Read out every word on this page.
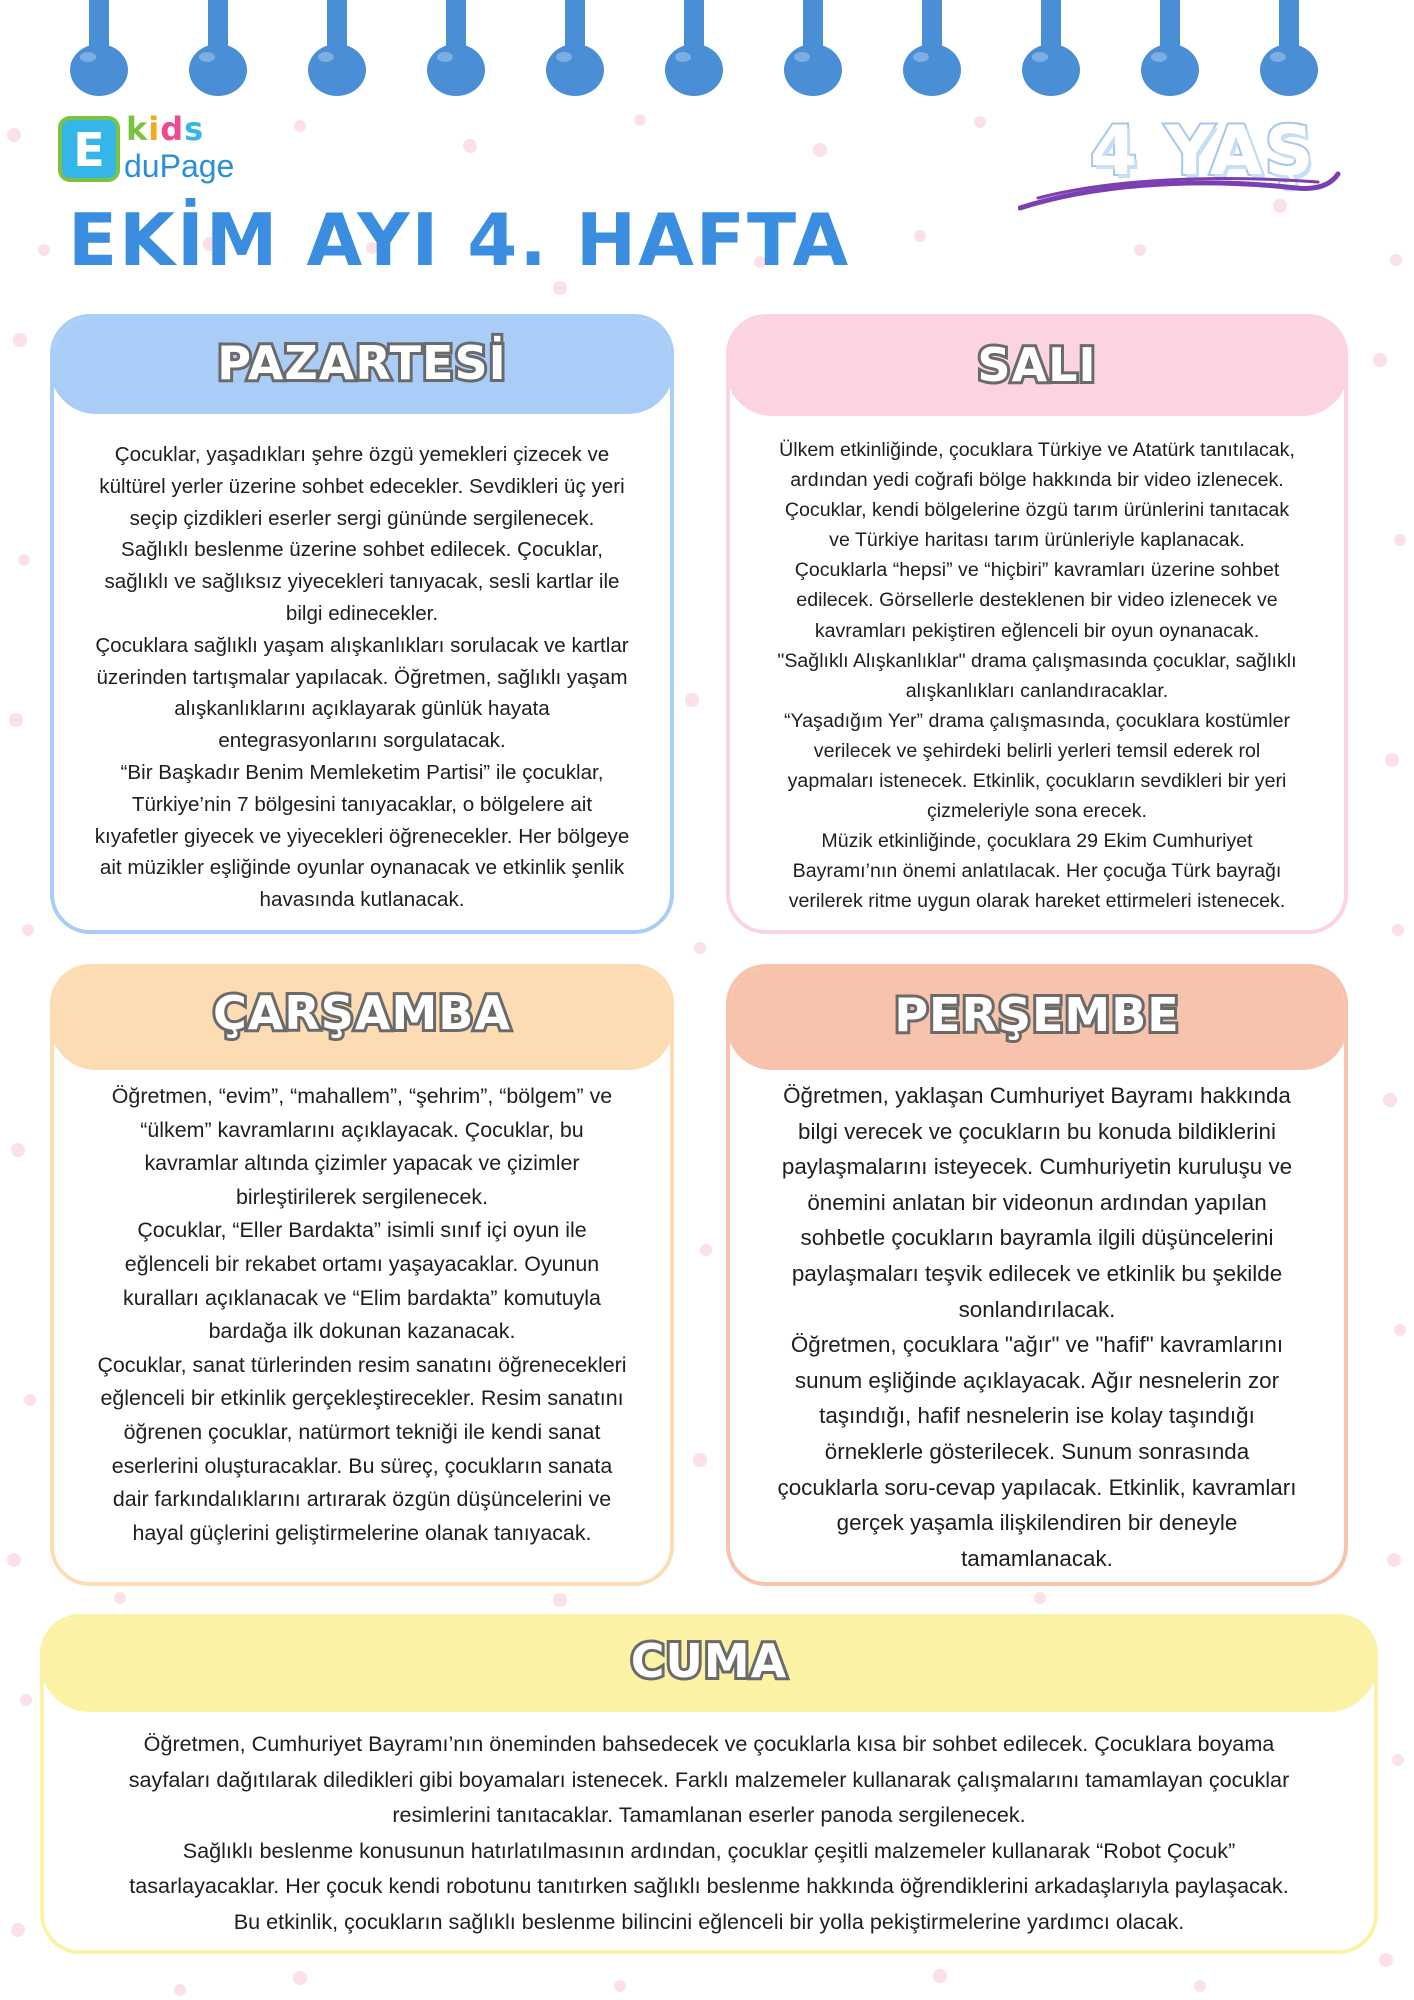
E kids
duPage	4 YAŞ
EKİM AYI 4. HAFTA
PAZARTESİ

Çocuklar, yaşadıkları şehre özgü yemekleri çizecek ve
kültürel yerler üzerine sohbet edecekler. Sevdikleri üç yeri
seçip çizdikleri eserler sergi gününde sergilenecek.
Sağlıklı beslenme üzerine sohbet edilecek. Çocuklar,
sağlıklı ve sağlıksız yiyecekleri tanıyacak, sesli kartlar ile
bilgi edinecekler.
Çocuklara sağlıklı yaşam alışkanlıkları sorulacak ve kartlar
üzerinden tartışmalar yapılacak. Öğretmen, sağlıklı yaşam
alışkanlıklarını açıklayarak günlük hayata
entegrasyonlarını sorgulatacak.
“Bir Başkadır Benim Memleketim Partisi” ile çocuklar,
Türkiye’nin 7 bölgesini tanıyacaklar, o bölgelere ait
kıyafetler giyecek ve yiyecekleri öğrenecekler. Her bölgeye
ait müzikler eşliğinde oyunlar oynanacak ve etkinlik şenlik
havasında kutlanacak.

SALI

Ülkem etkinliğinde, çocuklara Türkiye ve Atatürk tanıtılacak,
ardından yedi coğrafi bölge hakkında bir video izlenecek.
Çocuklar, kendi bölgelerine özgü tarım ürünlerini tanıtacak
ve Türkiye haritası tarım ürünleriyle kaplanacak.
Çocuklarla “hepsi” ve “hiçbiri” kavramları üzerine sohbet
edilecek. Görsellerle desteklenen bir video izlenecek ve
kavramları pekiştiren eğlenceli bir oyun oynanacak.
"Sağlıklı Alışkanlıklar" drama çalışmasında çocuklar, sağlıklı
alışkanlıkları canlandıracaklar.
“Yaşadığım Yer” drama çalışmasında, çocuklara kostümler
verilecek ve şehirdeki belirli yerleri temsil ederek rol
yapmaları istenecek. Etkinlik, çocukların sevdikleri bir yeri
çizmeleriyle sona erecek.
Müzik etkinliğinde, çocuklara 29 Ekim Cumhuriyet
Bayramı’nın önemi anlatılacak. Her çocuğa Türk bayrağı
verilerek ritme uygun olarak hareket ettirmeleri istenecek.

ÇARŞAMBA

Öğretmen, “evim”, “mahallem”, “şehrim”, “bölgem” ve
“ülkem” kavramlarını açıklayacak. Çocuklar, bu
kavramlar altında çizimler yapacak ve çizimler
birleştirilerek sergilenecek.
Çocuklar, “Eller Bardakta” isimli sınıf içi oyun ile
eğlenceli bir rekabet ortamı yaşayacaklar. Oyunun
kuralları açıklanacak ve “Elim bardakta” komutuyla
bardağa ilk dokunan kazanacak.
Çocuklar, sanat türlerinden resim sanatını öğrenecekleri
eğlenceli bir etkinlik gerçekleştirecekler. Resim sanatını
öğrenen çocuklar, natürmort tekniği ile kendi sanat
eserlerini oluşturacaklar. Bu süreç, çocukların sanata
dair farkındalıklarını artırarak özgün düşüncelerini ve
hayal güçlerini geliştirmelerine olanak tanıyacak.

PERŞEMBE

Öğretmen, yaklaşan Cumhuriyet Bayramı hakkında
bilgi verecek ve çocukların bu konuda bildiklerini
paylaşmalarını isteyecek. Cumhuriyetin kuruluşu ve
önemini anlatan bir videonun ardından yapılan
sohbetle çocukların bayramla ilgili düşüncelerini
paylaşmaları teşvik edilecek ve etkinlik bu şekilde
sonlandırılacak.
Öğretmen, çocuklara "ağır" ve "hafif" kavramlarını
sunum eşliğinde açıklayacak. Ağır nesnelerin zor
taşındığı, hafif nesnelerin ise kolay taşındığı
örneklerle gösterilecek. Sunum sonrasında
çocuklarla soru-cevap yapılacak. Etkinlik, kavramları
gerçek yaşamla ilişkilendiren bir deneyle
tamamlanacak.

CUMA

Öğretmen, Cumhuriyet Bayramı’nın öneminden bahsedecek ve çocuklarla kısa bir sohbet edilecek. Çocuklara boyama
sayfaları dağıtılarak diledikleri gibi boyamaları istenecek. Farklı malzemeler kullanarak çalışmalarını tamamlayan çocuklar
resimlerini tanıtacaklar. Tamamlanan eserler panoda sergilenecek.
Sağlıklı beslenme konusunun hatırlatılmasının ardından, çocuklar çeşitli malzemeler kullanarak “Robot Çocuk”
tasarlayacaklar. Her çocuk kendi robotunu tanıtırken sağlıklı beslenme hakkında öğrendiklerini arkadaşlarıyla paylaşacak.
Bu etkinlik, çocukların sağlıklı beslenme bilincini eğlenceli bir yolla pekiştirmelerine yardımcı olacak.
